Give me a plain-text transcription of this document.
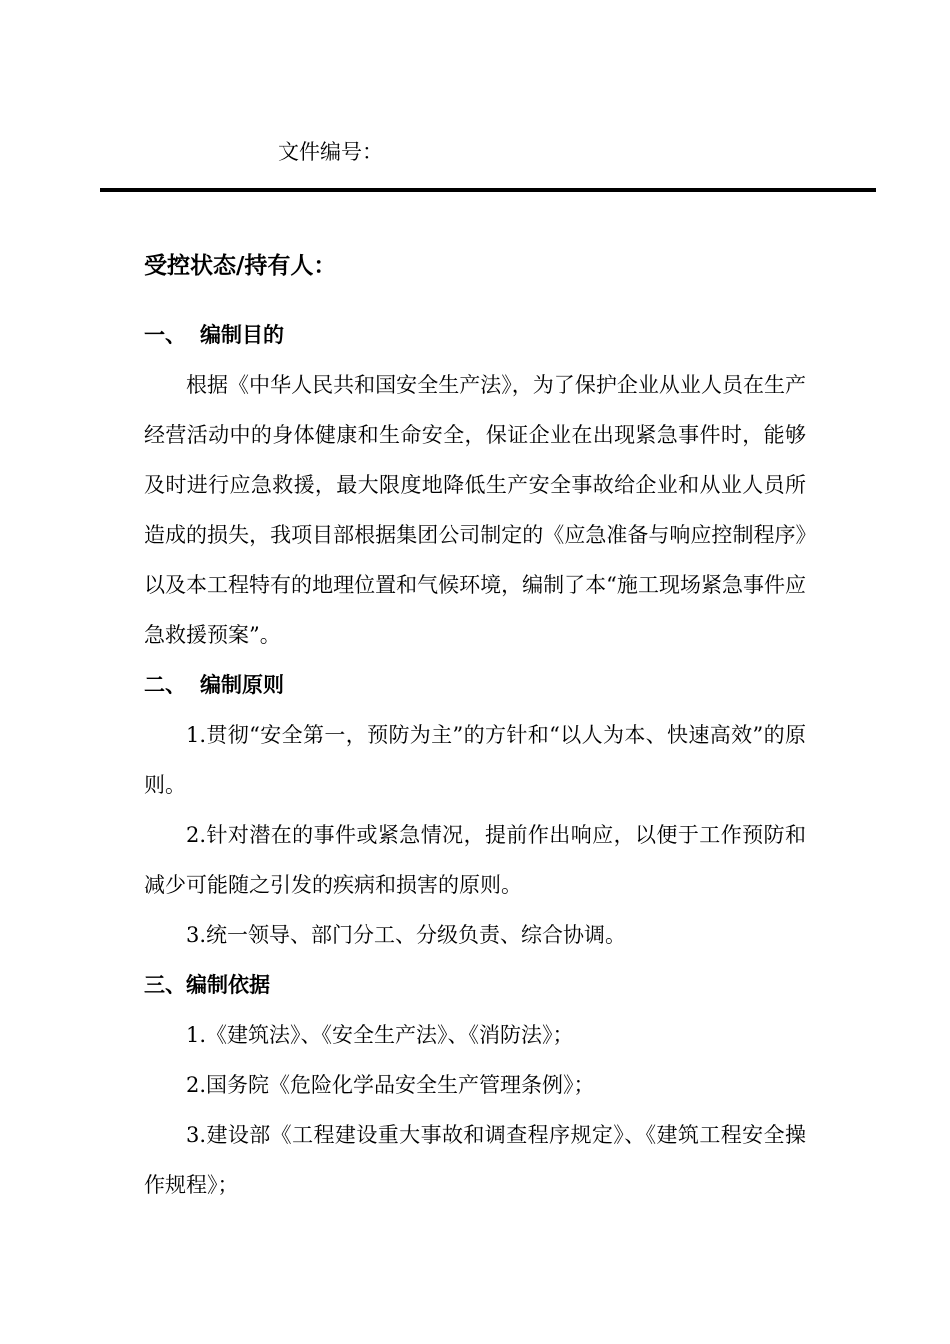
文件编号：
受控状态/持有人：
一、 编制目的

根据《中华人民共和国安全生产法》，为了保护企业从业人员在生产经营活动中的身体健康和生命安全，保证企业在出现紧急事件时，能够及时进行应急救援，最大限度地降低生产安全事故给企业和从业人员所造成的损失，我项目部根据集团公司制定的《应急准备与响应控制程序》以及本工程特有的地理位置和气候环境，编制了本“施工现场紧急事件应急救援预案”。

二、 编制原则

1.贯彻“安全第一，预防为主”的方针和“以人为本、快速高效”的原则。

2.针对潜在的事件或紧急情况，提前作出响应，以便于工作预防和减少可能随之引发的疾病和损害的原则。

3.统一领导、部门分工、分级负责、综合协调。

三、编制依据

1.《建筑法》、《安全生产法》、《消防法》；

2.国务院《危险化学品安全生产管理条例》；

3.建设部《工程建设重大事故和调查程序规定》、《建筑工程安全操作规程》；
